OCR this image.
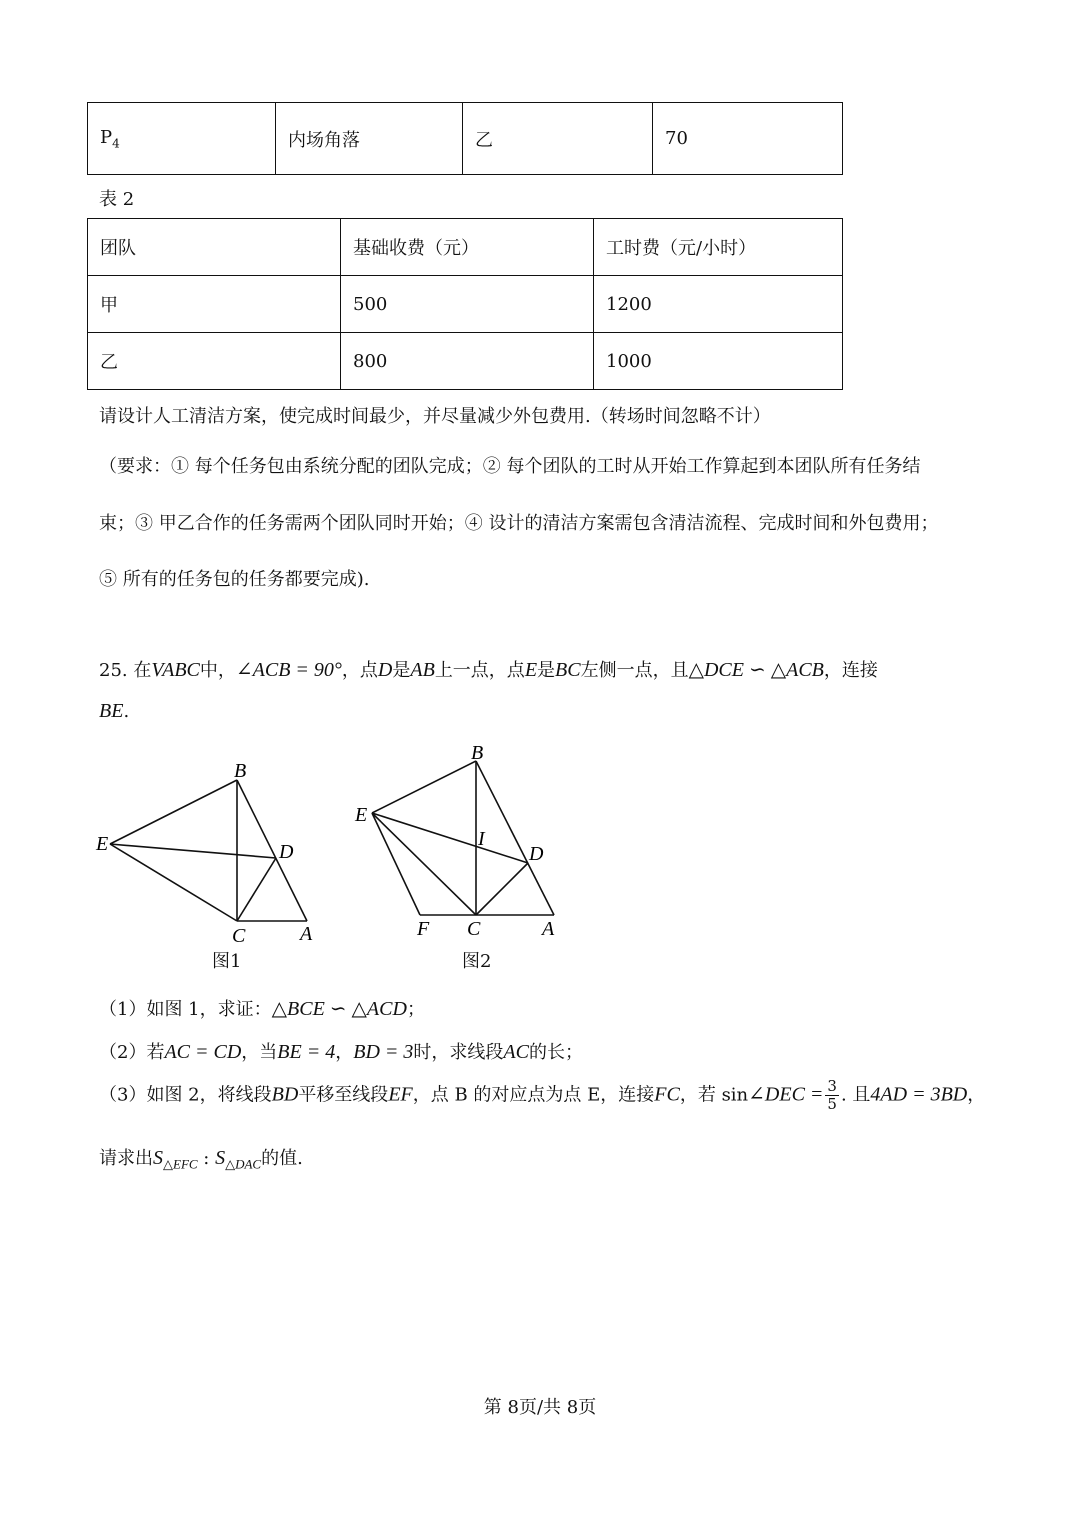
$P_4$	内场角落	乙	70
表 2
团队	基础收费（元）	工时费（元/小时）
甲	500	1200
乙	800	1000
请设计人工清洁方案，使完成时间最少，并尽量减少外包费用.（转场时间忽略不计）
（要求：① 每个任务包由系统分配的团队完成；② 每个团队的工时从开始工作算起到本团队所有任务结
束；③ 甲乙合作的任务需两个团队同时开始；④ 设计的清洁方案需包含清洁流程、完成时间和外包费用；
⑤ 所有的任务包的任务都要完成).
25. 在VABC中，∠ACB = 90°，点D是AB上一点，点E是BC左侧一点，且△DCE ∽ △ACB，连接
BE.
B
E	D
C	A
图1
B
E
I
D
F C	A
图2
（1）如图 1，求证：△BCE ∽ △ACD；
（2）若AC = CD，当BE = 4，BD = 3时，求线段AC的长；
（3）如图 2，将线段BD平移至线段EF，点 B 的对应点为点 E，连接FC，若 sin∠DEC = $\frac{3}{5}$ . 且4AD = 3BD，
请求出$S_{\triangle EFC}$ : $S_{\triangle DAC}$的值.
第 8页/共 8页
